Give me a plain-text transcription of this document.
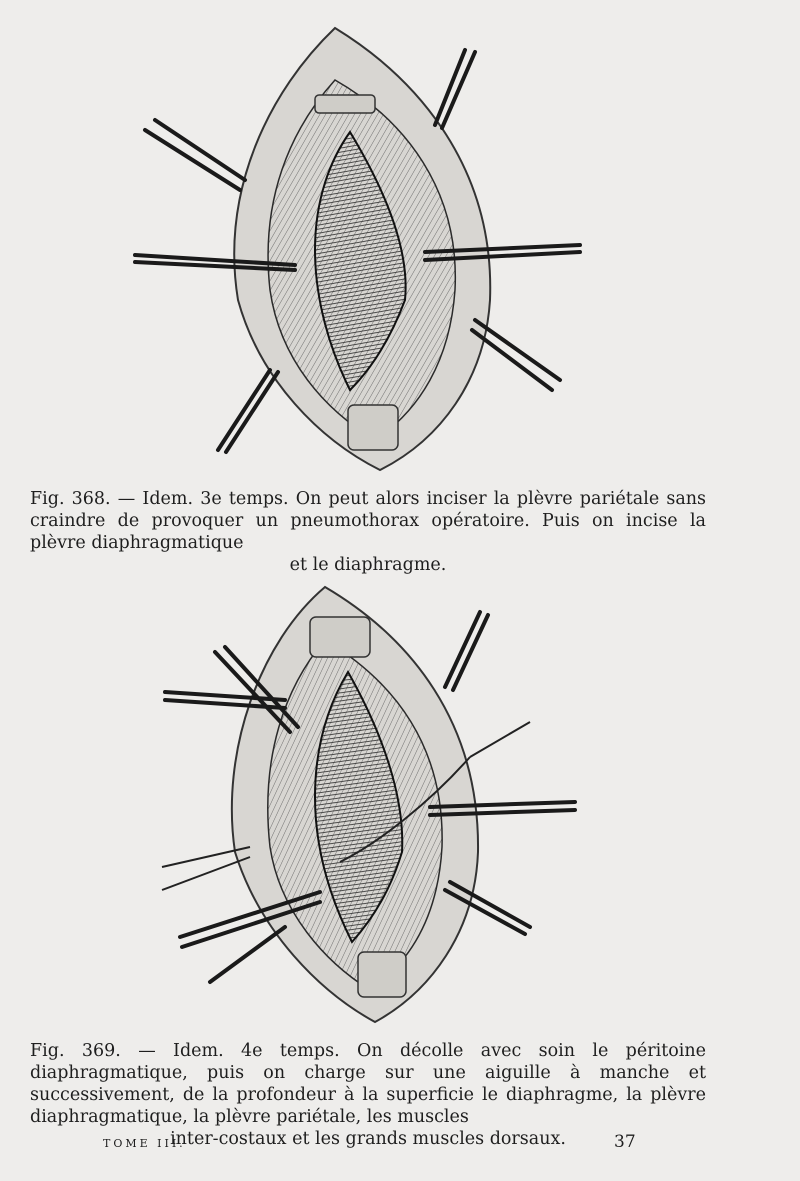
Fig. 368. — Idem. 3e temps. On peut alors inciser la plèvre pariétale sans craindre de provoquer un pneumothorax opératoire. Puis on incise la plèvre diaphragmatique
et le diaphragme.
Fig. 369. — Idem. 4e temps. On décolle avec soin le péritoine diaphragmatique, puis on charge sur une aiguille à manche et successivement, de la profondeur à la superficie le diaphragme, la plèvre diaphragmatique, la plèvre pariétale, les muscles
inter-costaux et les grands muscles dorsaux.
TOME III.	37
